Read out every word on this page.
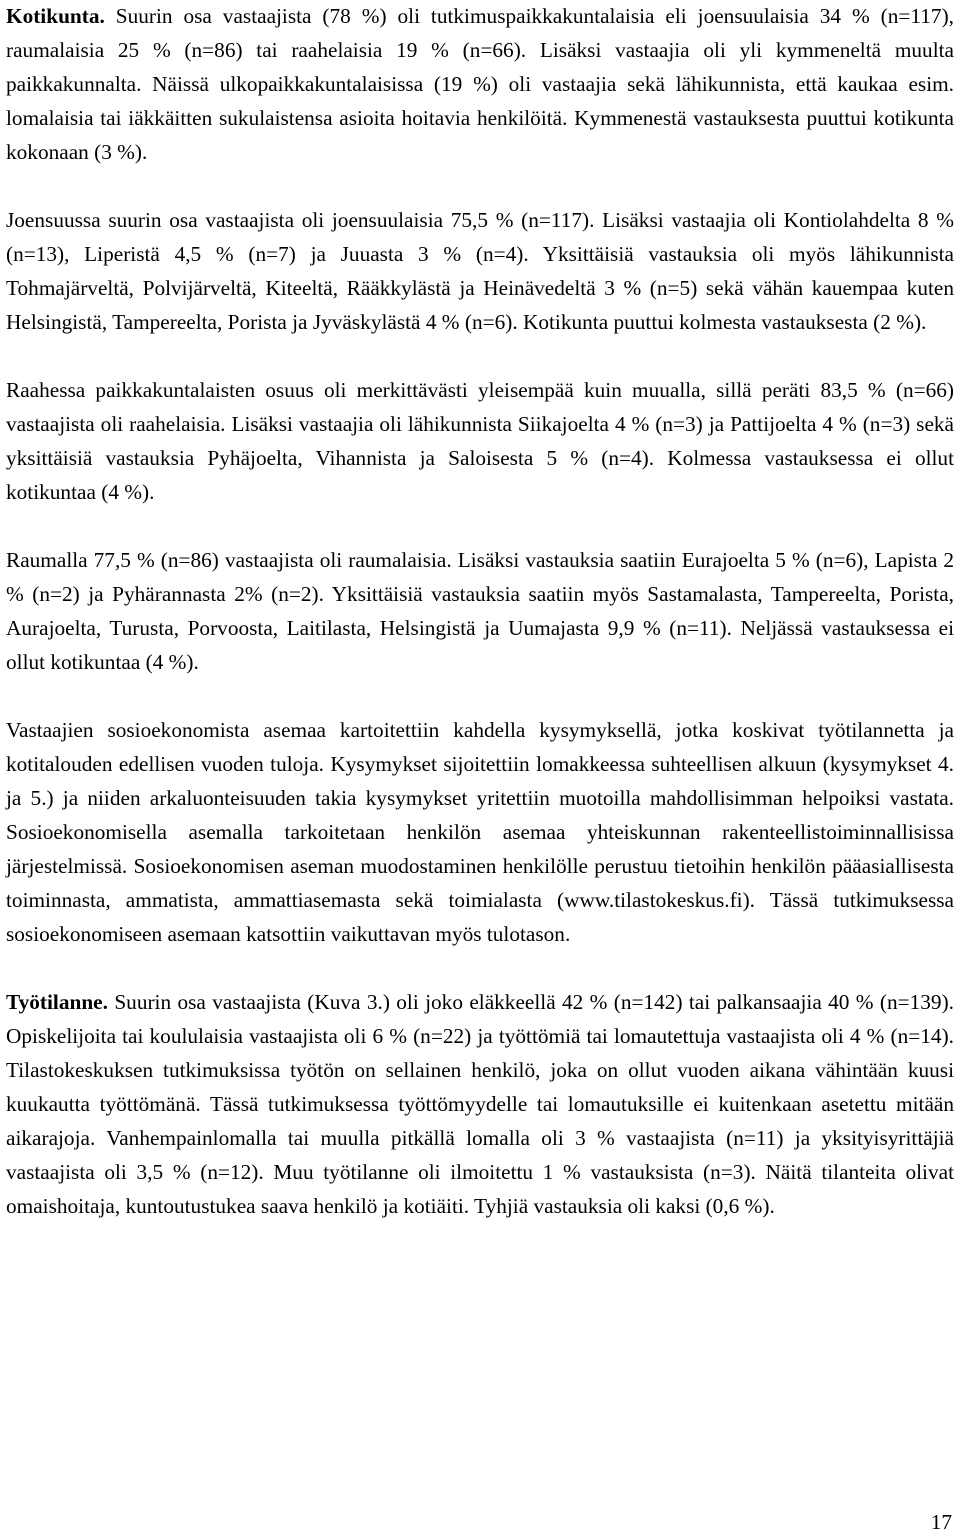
Kotikunta. Suurin osa vastaajista (78 %) oli tutkimuspaikkakuntalaisia eli joensuulaisia 34 % (n=117), raumalaisia 25 % (n=86) tai raahelaisia 19 % (n=66). Lisäksi vastaajia oli yli kymmeneltä muulta paikkakunnalta. Näissä ulkopaikkakuntalaisissa (19 %) oli vastaajia sekä lähikunnista, että kaukaa esim. lomalaisia tai iäkkäitten sukulaistensa asioita hoitavia henkilöitä. Kymmenestä vastauksesta puuttui kotikunta kokonaan (3 %).

Joensuussa suurin osa vastaajista oli joensuulaisia 75,5 % (n=117). Lisäksi vastaajia oli Kontiolahdelta 8 % (n=13), Liperistä 4,5 % (n=7) ja Juuasta 3 % (n=4). Yksittäisiä vastauksia oli myös lähikunnista Tohmajärveltä, Polvijärveltä, Kiteeltä, Rääkkylästä ja Heinävedeltä 3 % (n=5) sekä vähän kauempaa kuten Helsingistä, Tampereelta, Porista ja Jyväskylästä 4 % (n=6). Kotikunta puuttui kolmesta vastauksesta (2 %).

Raahessa paikkakuntalaisten osuus oli merkittävästi yleisempää kuin muualla, sillä peräti 83,5 % (n=66) vastaajista oli raahelaisia. Lisäksi vastaajia oli lähikunnista Siikajoelta 4 % (n=3) ja Pattijoelta 4 % (n=3) sekä yksittäisiä vastauksia Pyhäjoelta, Vihannista ja Saloisesta 5 % (n=4). Kolmessa vastauksessa ei ollut kotikuntaa (4 %).

Raumalla 77,5 % (n=86) vastaajista oli raumalaisia. Lisäksi vastauksia saatiin Eurajoelta 5 % (n=6), Lapista 2 % (n=2) ja Pyhärannasta 2% (n=2). Yksittäisiä vastauksia saatiin myös Sastamalasta, Tampereelta, Porista, Aurajoelta, Turusta, Porvoosta, Laitilasta, Helsingistä ja Uumajasta 9,9 % (n=11). Neljässä vastauksessa ei ollut kotikuntaa (4 %).

Vastaajien sosioekonomista asemaa kartoitettiin kahdella kysymyksellä, jotka koskivat työtilannetta ja kotitalouden edellisen vuoden tuloja. Kysymykset sijoitettiin lomakkeessa suhteellisen alkuun (kysymykset 4. ja 5.) ja niiden arkaluonteisuuden takia kysymykset yritettiin muotoilla mahdollisimman helpoiksi vastata. Sosioekonomisella asemalla tarkoitetaan henkilön asemaa yhteiskunnan rakenteellistoiminnallisissa järjestelmissä. Sosioekonomisen aseman muodostaminen henkilölle perustuu tietoihin henkilön pääasiallisesta toiminnasta, ammatista, ammattiasemasta sekä toimialasta (www.tilastokeskus.fi). Tässä tutkimuksessa sosioekonomiseen asemaan katsottiin vaikuttavan myös tulotason.

Työtilanne. Suurin osa vastaajista (Kuva 3.) oli joko eläkkeellä 42 % (n=142) tai palkansaajia 40 % (n=139). Opiskelijoita tai koululaisia vastaajista oli 6 % (n=22) ja työttömiä tai lomautettuja vastaajista oli 4 % (n=14). Tilastokeskuksen tutkimuksissa työtön on sellainen henkilö, joka on ollut vuoden aikana vähintään kuusi kuukautta työttömänä. Tässä tutkimuksessa työttömyydelle tai lomautuksille ei kuitenkaan asetettu mitään aikarajoja. Vanhempainlomalla tai muulla pitkällä lomalla oli 3 % vastaajista (n=11) ja yksityisyrittäjiä vastaajista oli 3,5 % (n=12). Muu työtilanne oli ilmoitettu 1 % vastauksista (n=3). Näitä tilanteita olivat omaishoitaja, kuntoutustukea saava henkilö ja kotiäiti. Tyhjiä vastauksia oli kaksi (0,6 %).

17
